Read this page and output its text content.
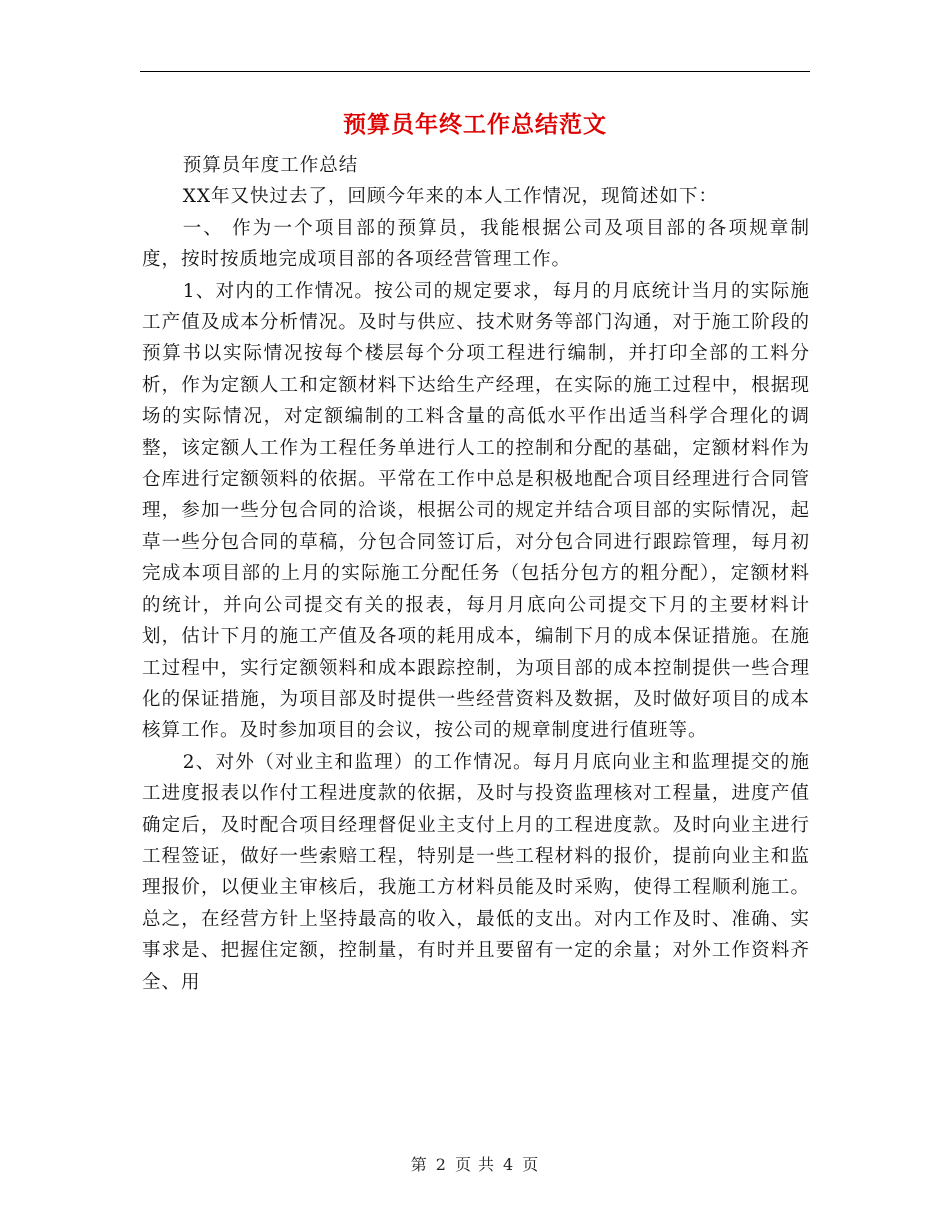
预算员年终工作总结范文

预算员年度工作总结

XX年又快过去了，回顾今年来的本人工作情况，现简述如下：

一、 作为一个项目部的预算员，我能根据公司及项目部的各项规章制度，按时按质地完成项目部的各项经营管理工作。

1、对内的工作情况。按公司的规定要求，每月的月底统计当月的实际施工产值及成本分析情况。及时与供应、技术财务等部门沟通，对于施工阶段的预算书以实际情况按每个楼层每个分项工程进行编制，并打印全部的工料分析，作为定额人工和定额材料下达给生产经理，在实际的施工过程中，根据现场的实际情况，对定额编制的工料含量的高低水平作出适当科学合理化的调整，该定额人工作为工程任务单进行人工的控制和分配的基础，定额材料作为仓库进行定额领料的依据。平常在工作中总是积极地配合项目经理进行合同管理，参加一些分包合同的洽谈，根据公司的规定并结合项目部的实际情况，起草一些分包合同的草稿，分包合同签订后，对分包合同进行跟踪管理，每月初完成本项目部的上月的实际施工分配任务（包括分包方的粗分配），定额材料的统计，并向公司提交有关的报表，每月月底向公司提交下月的主要材料计划，估计下月的施工产值及各项的耗用成本，编制下月的成本保证措施。在施工过程中，实行定额领料和成本跟踪控制，为项目部的成本控制提供一些合理化的保证措施，为项目部及时提供一些经营资料及数据，及时做好项目的成本核算工作。及时参加项目的会议，按公司的规章制度进行值班等。

2、对外（对业主和监理）的工作情况。每月月底向业主和监理提交的施工进度报表以作付工程进度款的依据，及时与投资监理核对工程量，进度产值确定后，及时配合项目经理督促业主支付上月的工程进度款。及时向业主进行工程签证，做好一些索赔工程，特别是一些工程材料的报价，提前向业主和监理报价，以便业主审核后，我施工方材料员能及时采购，使得工程顺利施工。总之，在经营方针上坚持最高的收入，最低的支出。对内工作及时、准确、实事求是、把握住定额，控制量，有时并且要留有一定的余量；对外工作资料齐全、用

第 2 页 共 4 页
